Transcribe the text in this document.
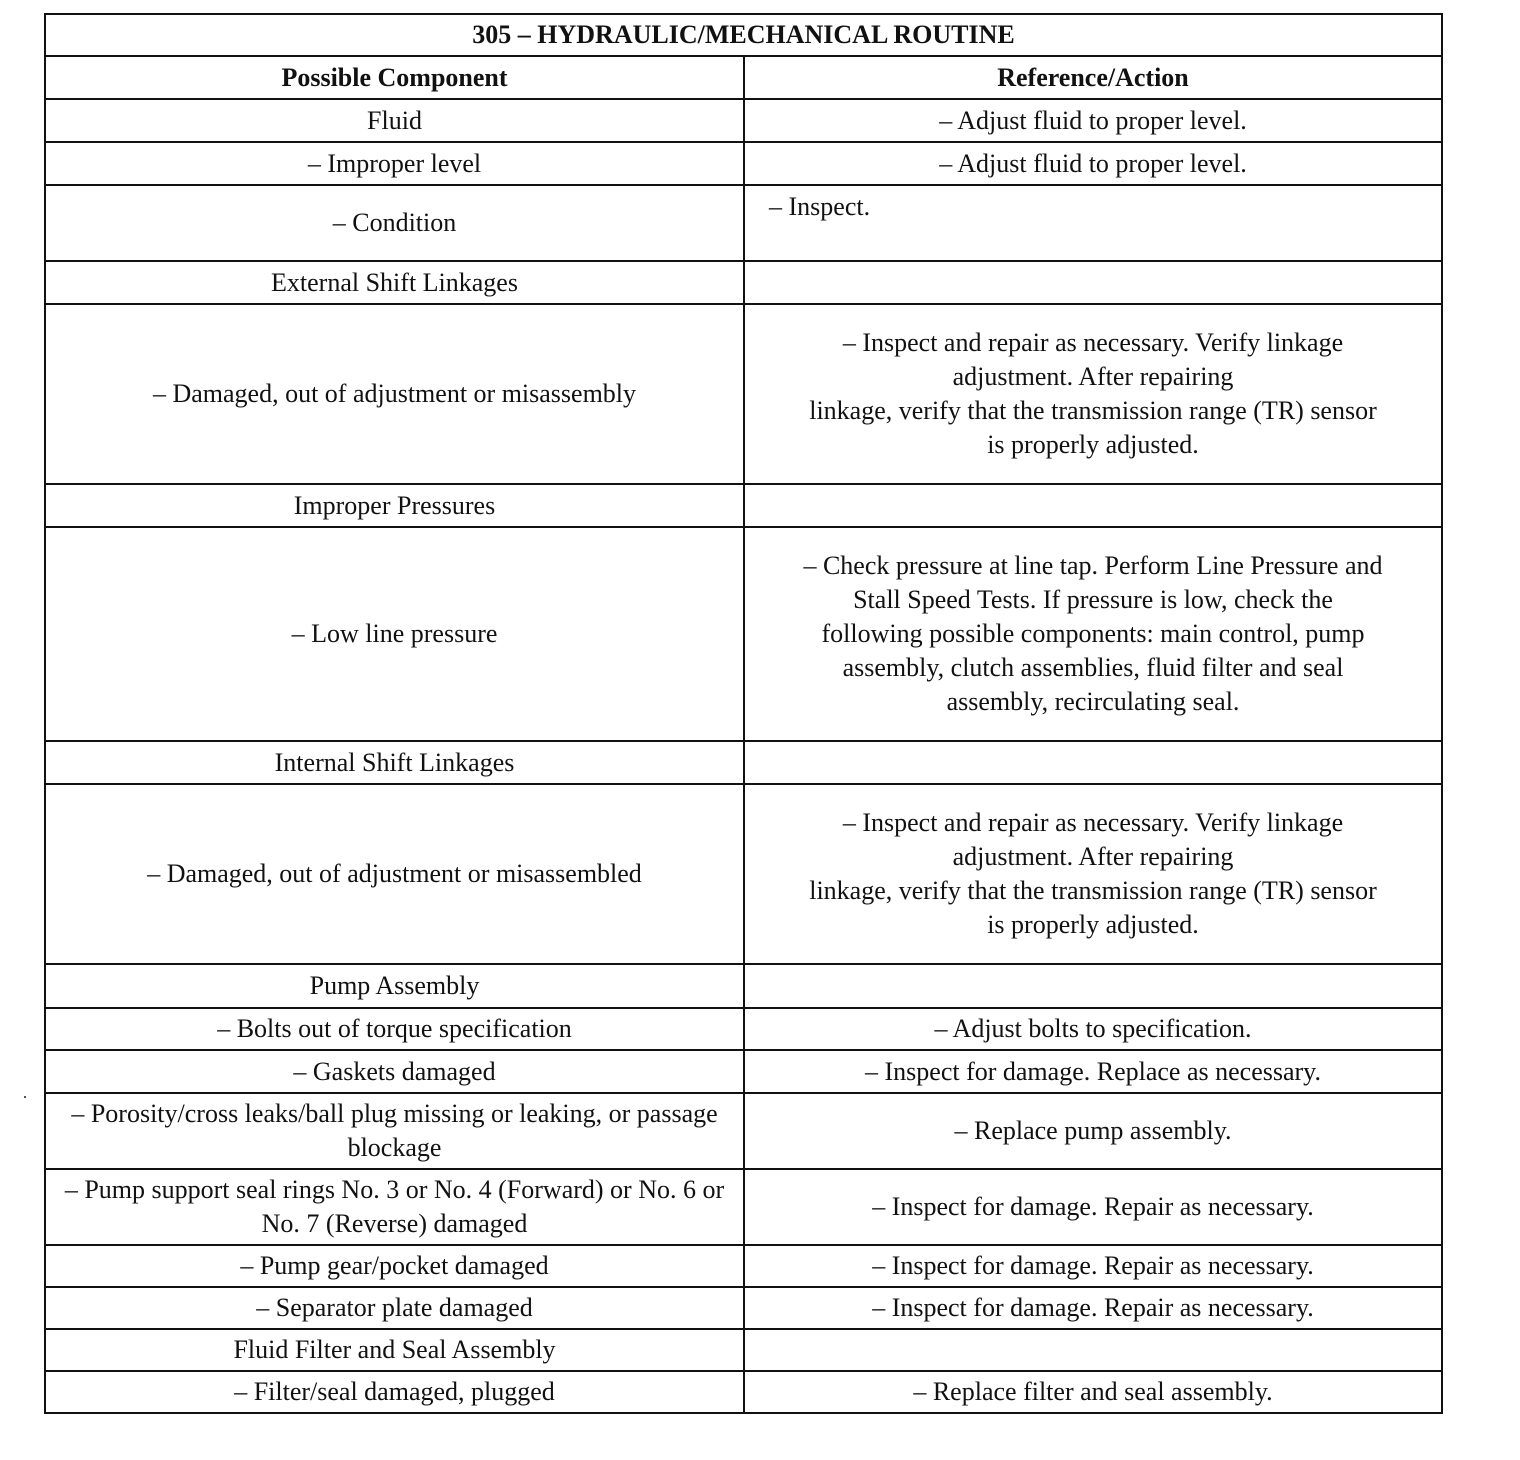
305 – HYDRAULIC/MECHANICAL ROUTINE	
Possible Component	Reference/Action
Fluid	– Adjust fluid to proper level.

– Improper level	– Adjust fluid to proper level.

– Condition	– Inspect.

External Shift Linkages	
– Damaged, out of adjustment or misassembly	– Inspect and repair as necessary. Verify linkage
adjustment. After repairing
linkage, verify that the transmission range (TR) sensor
is properly adjusted.

Improper Pressures	
– Low line pressure	– Check pressure at line tap. Perform Line Pressure and
Stall Speed Tests. If pressure is low, check the
following possible components: main control, pump
assembly, clutch assemblies, fluid filter and seal
assembly, recirculating seal.

Internal Shift Linkages	
– Damaged, out of adjustment or misassembled	– Inspect and repair as necessary. Verify linkage
adjustment. After repairing
linkage, verify that the transmission range (TR) sensor
is properly adjusted.

Pump Assembly	
– Bolts out of torque specification	– Adjust bolts to specification.

– Gaskets damaged	– Inspect for damage. Replace as necessary.

– Porosity/cross leaks/ball plug missing or leaking, or passage blockage	– Replace pump assembly.

– Pump support seal rings No. 3 or No. 4 (Forward) or No. 6 or No. 7 (Reverse) damaged	– Inspect for damage. Repair as necessary.

– Pump gear/pocket damaged	– Inspect for damage. Repair as necessary.

– Separator plate damaged	– Inspect for damage. Repair as necessary.

Fluid Filter and Seal Assembly	
– Filter/seal damaged, plugged	– Replace filter and seal assembly.
